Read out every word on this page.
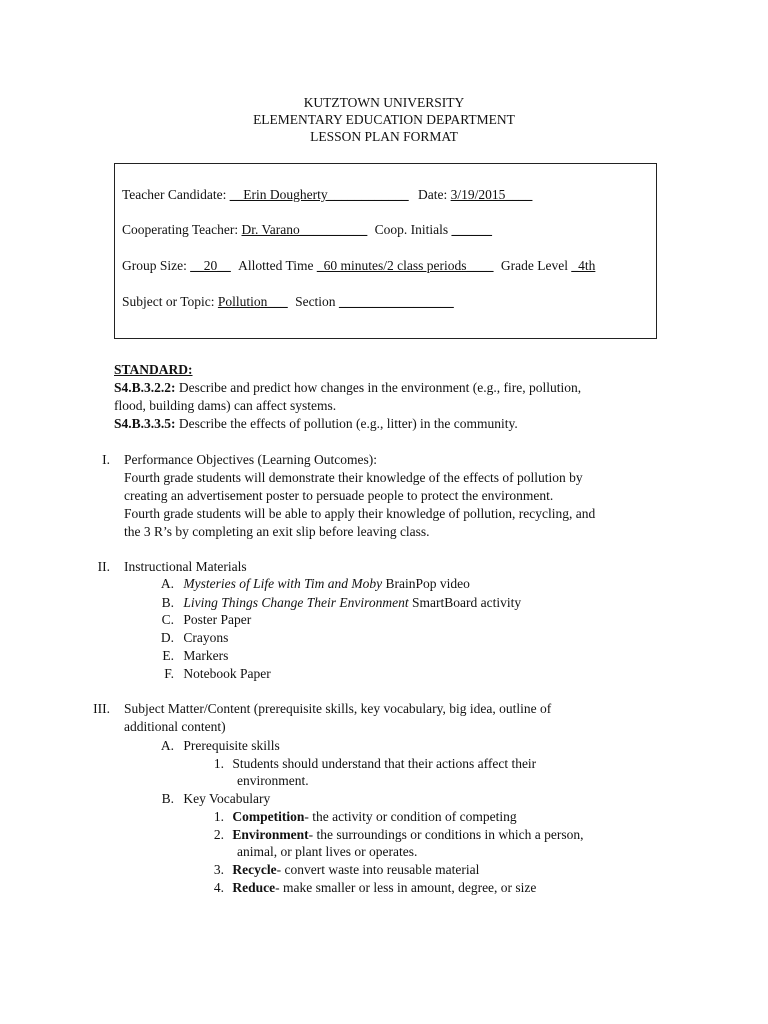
KUTZTOWN UNIVERSITY
ELEMENTARY EDUCATION DEPARTMENT
LESSON PLAN FORMAT
Teacher Candidate: __Erin Dougherty____________ Date: 3/19/2015____
Cooperating Teacher: Dr. Varano__________ Coop. Initials ______
Group Size: __20__ Allotted Time _60 minutes/2 class periods____ Grade Level _4th
Subject or Topic: Pollution___ Section _________________
STANDARD:
S4.B.3.2.2: Describe and predict how changes in the environment (e.g., fire, pollution,
flood, building dams) can affect systems.
S4.B.3.3.5: Describe the effects of pollution (e.g., litter) in the community.
I. Performance Objectives (Learning Outcomes):
Fourth grade students will demonstrate their knowledge of the effects of pollution by
creating an advertisement poster to persuade people to protect the environment.
Fourth grade students will be able to apply their knowledge of pollution, recycling, and
the 3 R’s by completing an exit slip before leaving class.
II. Instructional Materials
A. Mysteries of Life with Tim and Moby BrainPop video
B. Living Things Change Their Environment SmartBoard activity
C. Poster Paper
D. Crayons
E. Markers
F. Notebook Paper
III. Subject Matter/Content (prerequisite skills, key vocabulary, big idea, outline of
additional content)
A. Prerequisite skills
1. Students should understand that their actions affect their
environment.
B. Key Vocabulary
1. Competition- the activity or condition of competing
2. Environment- the surroundings or conditions in which a person,
animal, or plant lives or operates.
3. Recycle- convert waste into reusable material
4. Reduce- make smaller or less in amount, degree, or size
